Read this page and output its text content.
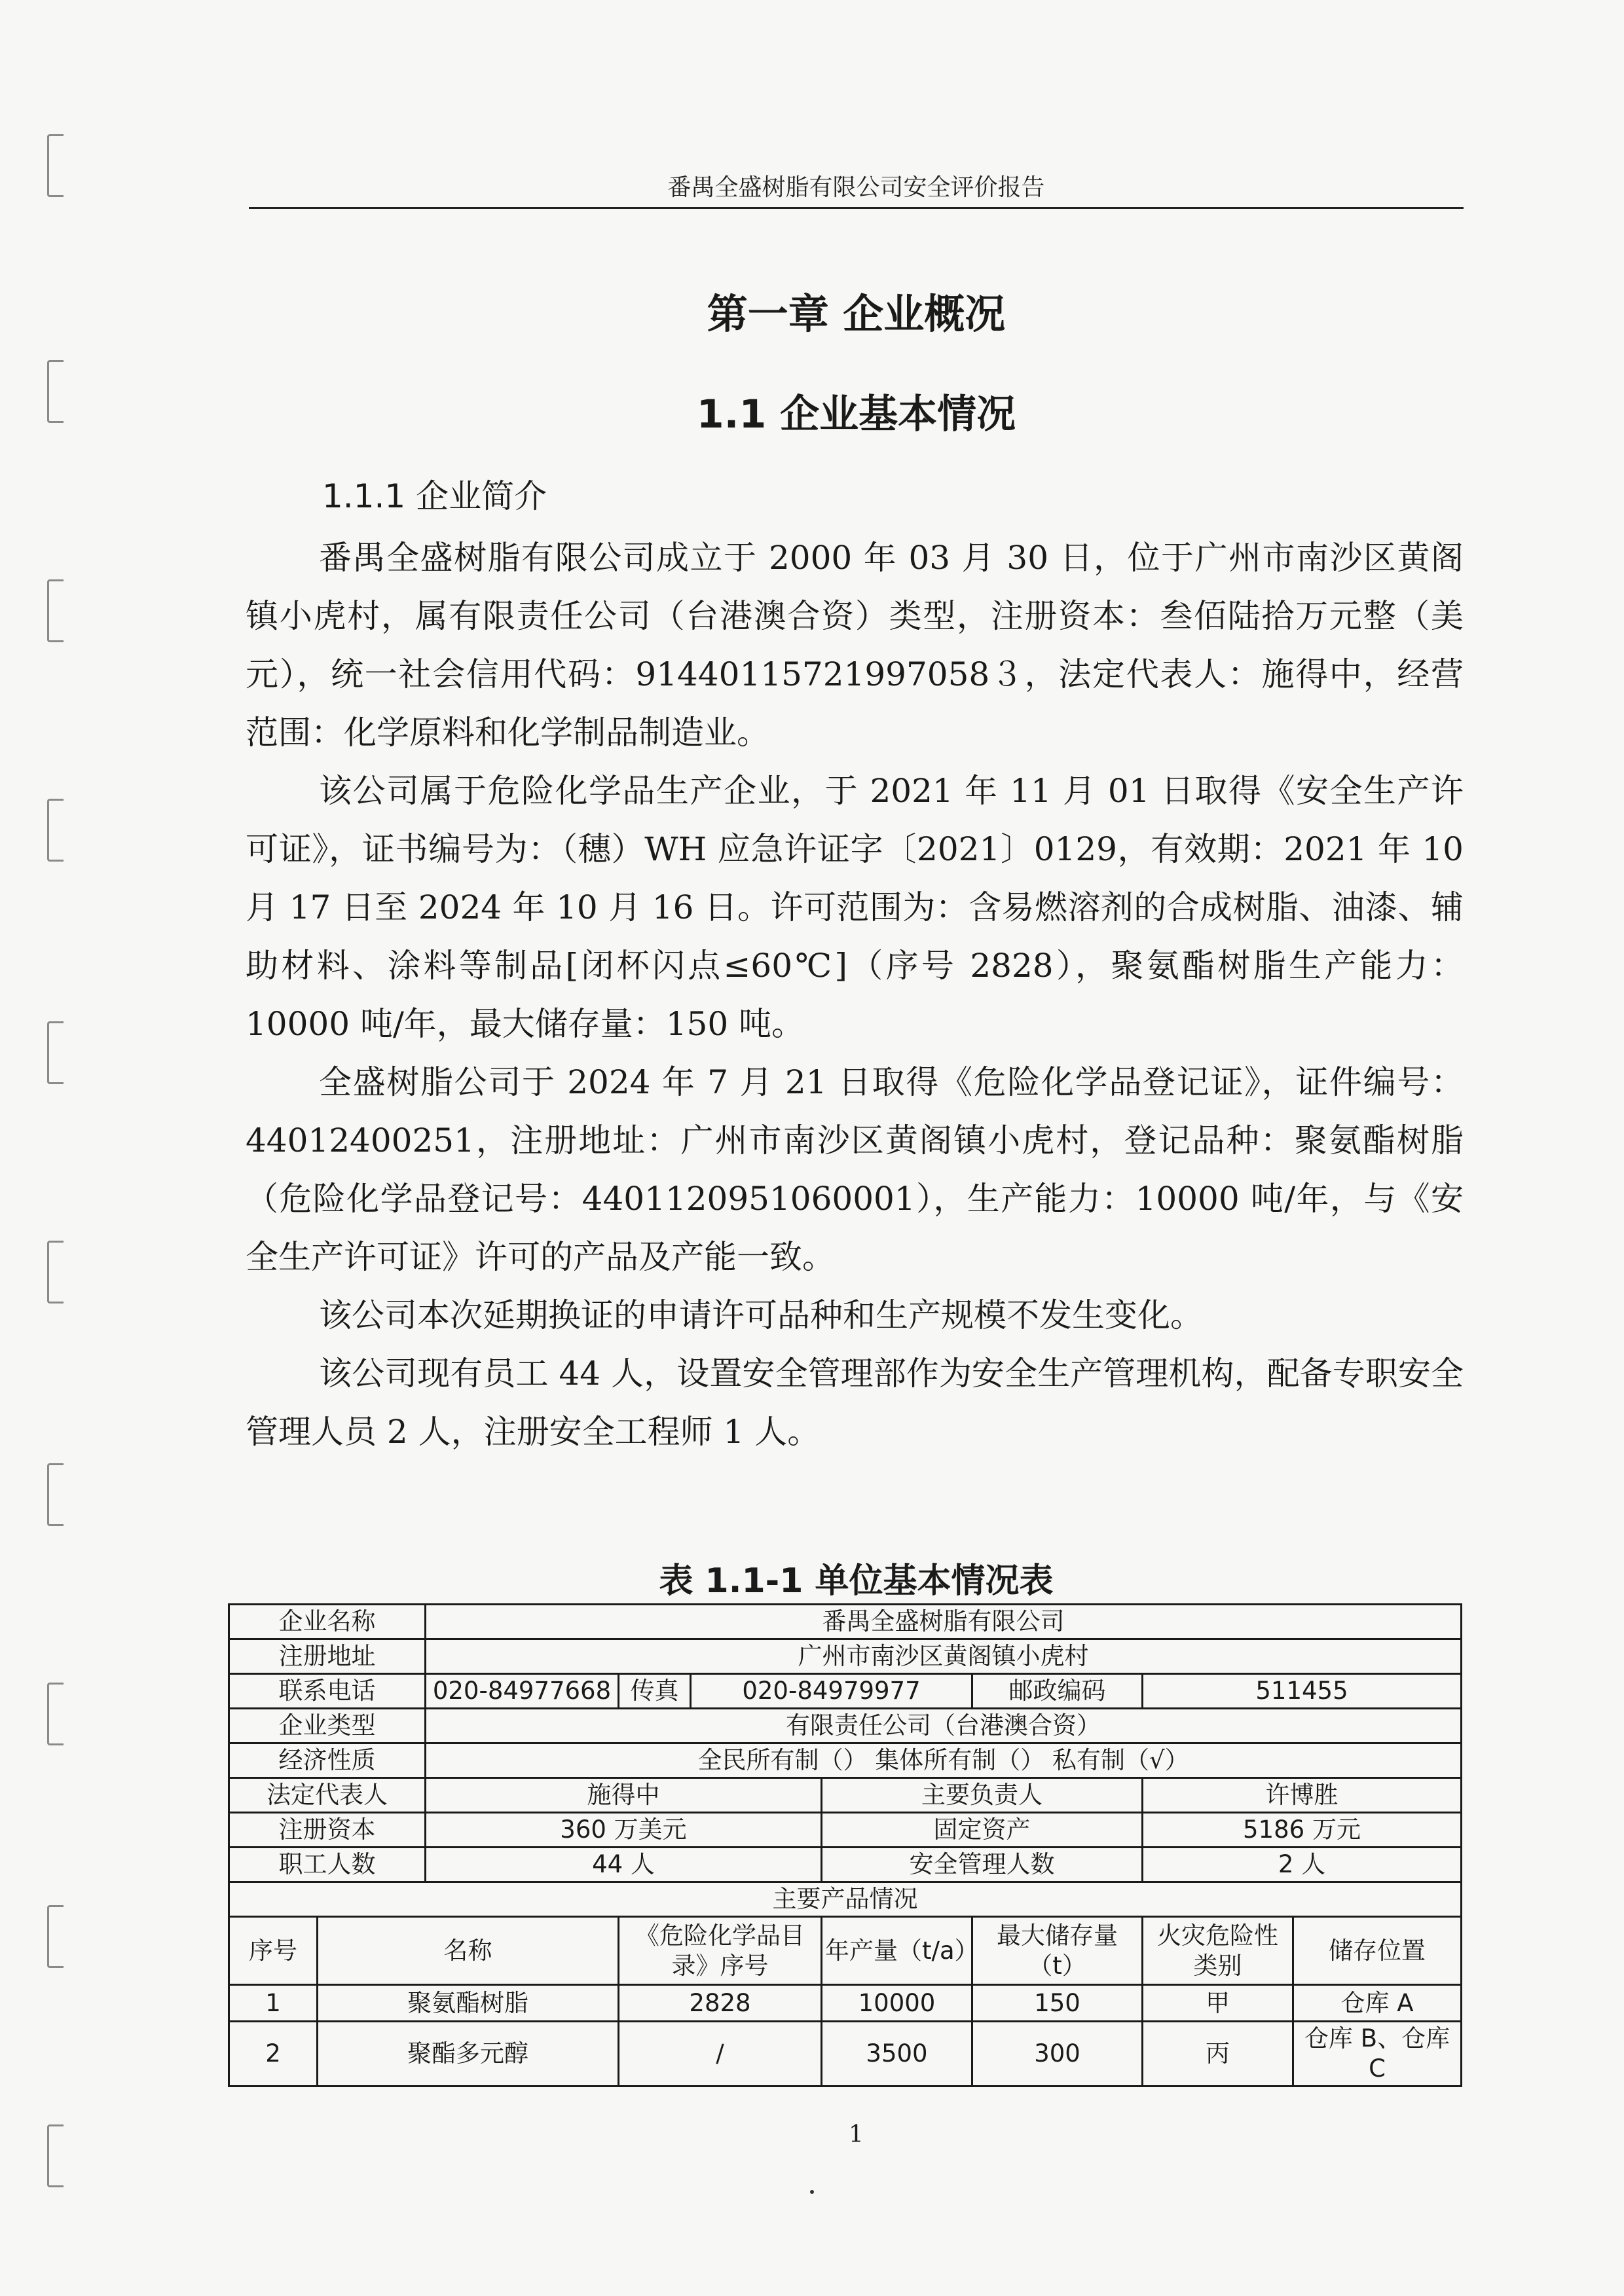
番禺全盛树脂有限公司安全评价报告
第一章 企业概况
1.1 企业基本情况
1.1.1 企业简介

番禺全盛树脂有限公司成立于 2000 年 03 月 30 日，位于广州市南沙区黄阁镇小虎村，属有限责任公司（台港澳合资）类型，注册资本：叁佰陆拾万元整（美元），统一社会信用代码：91440115721997058３，法定代表人：施得中，经营范围：化学原料和化学制品制造业。

该公司属于危险化学品生产企业，于 2021 年 11 月 01 日取得《安全生产许可证》，证书编号为：（穗）WH 应急许证字〔2021〕0129，有效期：2021 年 10 月 17 日至 2024 年 10 月 16 日。许可范围为：含易燃溶剂的合成树脂、油漆、辅助材料、涂料等制品[闭杯闪点≤60℃]（序号 2828），聚氨酯树脂生产能力：10000 吨/年，最大储存量：150 吨。

全盛树脂公司于 2024 年 7 月 21 日取得《危险化学品登记证》，证件编号：44012400251，注册地址：广州市南沙区黄阁镇小虎村，登记品种：聚氨酯树脂（危险化学品登记号：4401120951060001），生产能力：10000 吨/年，与《安全生产许可证》许可的产品及产能一致。

该公司本次延期换证的申请许可品种和生产规模不发生变化。

该公司现有员工 44 人，设置安全管理部作为安全生产管理机构，配备专职安全管理人员 2 人，注册安全工程师 1 人。

表 1.1-1 单位基本情况表
企业名称		番禺全盛树脂有限公司						
注册地址		广州市南沙区黄阁镇小虎村						
联系电话		020-84977668	传真	020-84979977		邮政编码	511455	
企业类型		有限责任公司（台港澳合资）						
经济性质		全民所有制（） 集体所有制（） 私有制（√）						
法定代表人		施得中			主要负责人		许博胜	
注册资本		360 万美元			固定资产		5186 万元	
职工人数		44 人			安全管理人数		2 人	
主要产品情况								
序号	名称		《危险化学品目录》序号		年产量（t/a）	最大储存量（t）	火灾危险性类别	储存位置
1	聚氨酯树脂		2828		10000	150	甲	仓库 A
2	聚酯多元醇		/		3500	300	丙	仓库 B、仓库 C
1
